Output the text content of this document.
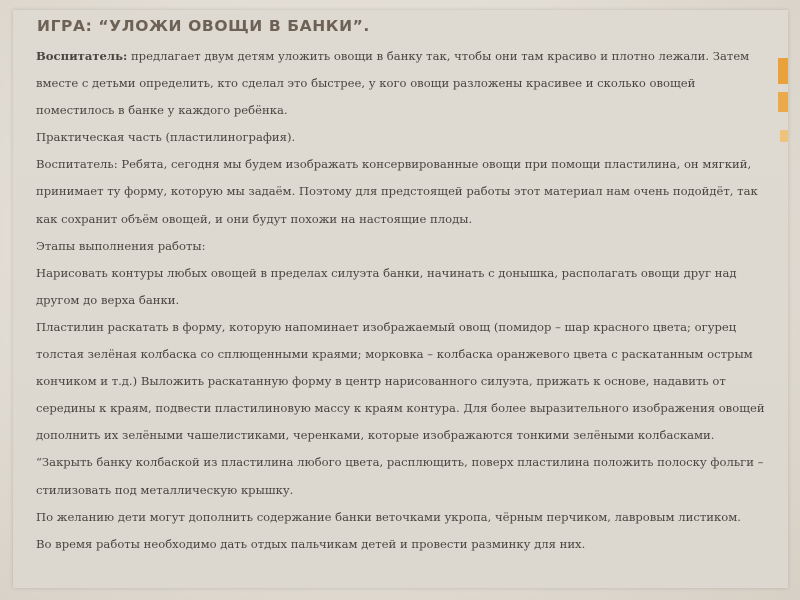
ИГРА: “УЛОЖИ ОВОЩИ В БАНКИ”.
Воспитатель: предлагает двум детям уложить овощи в банку так, чтобы они там красиво и плотно лежали. Затем
вместе с детьми определить, кто сделал это быстрее, у кого овощи разложены красивее и сколько овощей
поместилось в банке у каждого ребёнка.
Практическая часть (пластилинография).
Воспитатель: Ребята, сегодня мы будем изображать консервированные овощи при помощи пластилина, он мягкий,
принимает ту форму, которую мы задаём. Поэтому для предстоящей работы этот материал нам очень подойдёт, так
как сохранит объём овощей, и они будут похожи на настоящие плоды.
Этапы выполнения работы:
Нарисовать контуры любых овощей в пределах силуэта банки, начинать с донышка, располагать овощи друг над
другом до верха банки.
Пластилин раскатать в форму, которую напоминает изображаемый овощ (помидор – шар красного цвета; огурец
толстая зелёная колбаска со сплющенными краями; морковка – колбаска оранжевого цвета с раскатанным острым
кончиком и т.д.) Выложить раскатанную форму в центр нарисованного силуэта, прижать к основе, надавить от
середины к краям, подвести пластилиновую массу к краям контура. Для более выразительного изображения овощей
дополнить их зелёными чашелистиками, черенками, которые изображаются тонкими зелёными колбасками.
“Закрыть банку колбаской из пластилина любого цвета, расплющить, поверх пластилина положить полоску фольги –
стилизовать под металлическую крышку.
По желанию дети могут дополнить содержание банки веточками укропа, чёрным перчиком, лавровым листиком.
Во время работы необходимо дать отдых пальчикам детей и провести разминку для них.
